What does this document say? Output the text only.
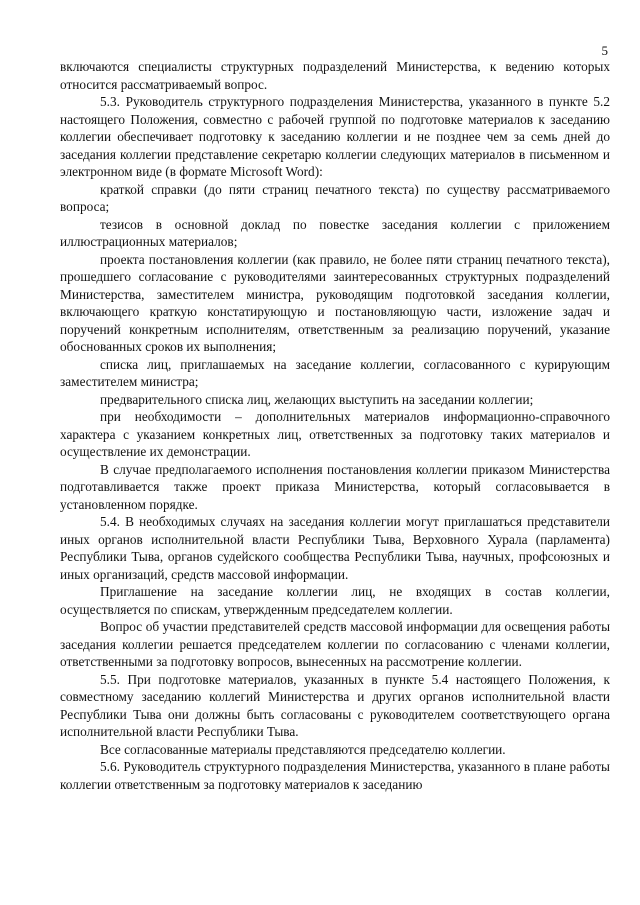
5

включаются специалисты структурных подразделений Министерства, к ведению которых относится рассматриваемый вопрос.

5.3. Руководитель структурного подразделения Министерства, указанного в пункте 5.2 настоящего Положения, совместно с рабочей группой по подготовке материалов к заседанию коллегии обеспечивает подготовку к заседанию коллегии и не позднее чем за семь дней до заседания коллегии представление секретарю коллегии следующих материалов в письменном и электронном виде (в формате Microsoft Word):

краткой справки (до пяти страниц печатного текста) по существу рассматриваемого вопроса;

тезисов в основной доклад по повестке заседания коллегии с приложением иллюстрационных материалов;

проекта постановления коллегии (как правило, не более пяти страниц печатного текста), прошедшего согласование с руководителями заинтересованных структурных подразделений Министерства, заместителем министра, руководящим подготовкой заседания коллегии, включающего краткую констатирующую и постановляющую части, изложение задач и поручений конкретным исполнителям, ответственным за реализацию поручений, указание обоснованных сроков их выполнения;

списка лиц, приглашаемых на заседание коллегии, согласованного с курирующим заместителем министра;

предварительного списка лиц, желающих выступить на заседании коллегии;

при необходимости – дополнительных материалов информационно-справочного характера с указанием конкретных лиц, ответственных за подготовку таких материалов и осуществление их демонстрации.

В случае предполагаемого исполнения постановления коллегии приказом Министерства подготавливается также проект приказа Министерства, который согласовывается в установленном порядке.

5.4. В необходимых случаях на заседания коллегии могут приглашаться представители иных органов исполнительной власти Республики Тыва, Верховного Хурала (парламента) Республики Тыва, органов судейского сообщества Республики Тыва, научных, профсоюзных и иных организаций, средств массовой информации.

Приглашение на заседание коллегии лиц, не входящих в состав коллегии, осуществляется по спискам, утвержденным председателем коллегии.

Вопрос об участии представителей средств массовой информации для освещения работы заседания коллегии решается председателем коллегии по согласованию с членами коллегии, ответственными за подготовку вопросов, вынесенных на рассмотрение коллегии.

5.5. При подготовке материалов, указанных в пункте 5.4 настоящего Положения, к совместному заседанию коллегий Министерства и других органов исполнительной власти Республики Тыва они должны быть согласованы с руководителем соответствующего органа исполнительной власти Республики Тыва.

Все согласованные материалы представляются председателю коллегии.

5.6. Руководитель структурного подразделения Министерства, указанного в плане работы коллегии ответственным за подготовку материалов к заседанию
